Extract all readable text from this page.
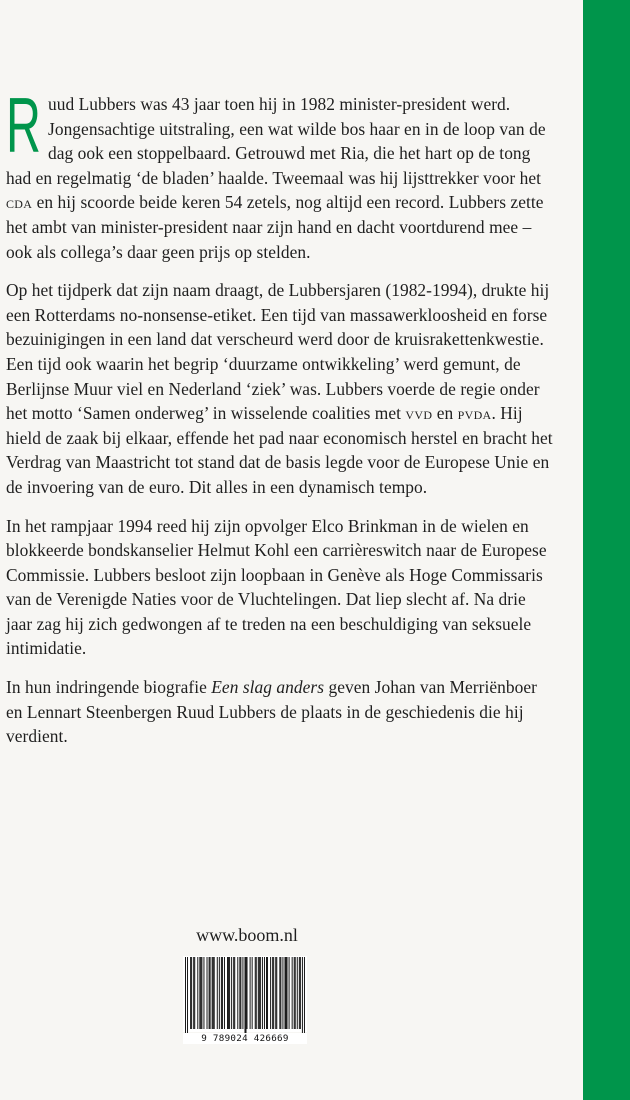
Ruud Lubbers was 43 jaar toen hij in 1982 minister-president werd. Jongensachtige uitstraling, een wat wilde bos haar en in de loop van de dag ook een stoppelbaard. Getrouwd met Ria, die het hart op de tong had en regelmatig ‘de bladen’ haalde. Tweemaal was hij lijsttrekker voor het cda en hij scoorde beide keren 54 zetels, nog altijd een record. Lubbers zette het ambt van minister-president naar zijn hand en dacht voortdurend mee – ook als collega’s daar geen prijs op stelden.

Op het tijdperk dat zijn naam draagt, de Lubbersjaren (1982-1994), drukte hij een Rotterdams no-nonsense-etiket. Een tijd van massawerkloosheid en forse bezuinigingen in een land dat verscheurd werd door de kruisrakettenkwestie. Een tijd ook waarin het begrip ‘duurzame ontwikkeling’ werd gemunt, de Berlijnse Muur viel en Nederland ‘ziek’ was. Lubbers voerde de regie onder het motto ‘Samen onderweg’ in wisselende coalities met vvd en pvda. Hij hield de zaak bij elkaar, effende het pad naar economisch herstel en bracht het Verdrag van Maastricht tot stand dat de basis legde voor de Europese Unie en de invoering van de euro. Dit alles in een dynamisch tempo.

In het rampjaar 1994 reed hij zijn opvolger Elco Brinkman in de wielen en blokkeerde bondskanselier Helmut Kohl een carrièreswitch naar de Europese Commissie. Lubbers besloot zijn loopbaan in Genève als Hoge Commissaris van de Verenigde Naties voor de Vluchtelingen. Dat liep slecht af. Na drie jaar zag hij zich gedwongen af te treden na een beschuldiging van seksuele intimidatie.

In hun indringende biografie Een slag anders geven Johan van Merriënboer en Lennart Steenbergen Ruud Lubbers de plaats in de geschiedenis die hij verdient.

www.boom.nl
9 789024 426669
